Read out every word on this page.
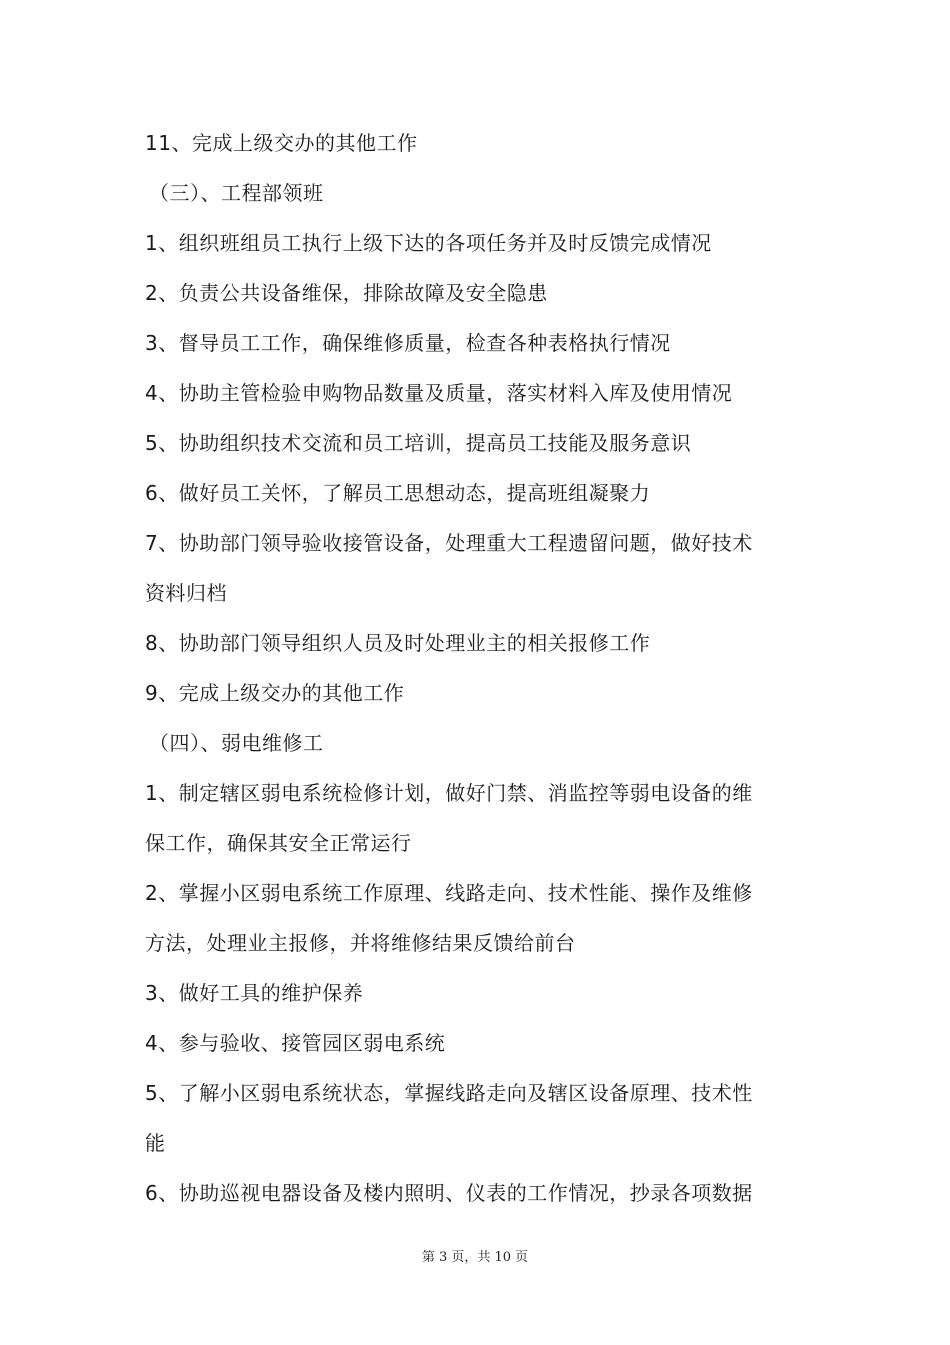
11、完成上级交办的其他工作
（三）、工程部领班
1、组织班组员工执行上级下达的各项任务并及时反馈完成情况
2、负责公共设备维保，排除故障及安全隐患
3、督导员工工作，确保维修质量，检查各种表格执行情况
4、协助主管检验申购物品数量及质量，落实材料入库及使用情况
5、协助组织技术交流和员工培训，提高员工技能及服务意识
6、做好员工关怀，了解员工思想动态，提高班组凝聚力
7、协助部门领导验收接管设备，处理重大工程遗留问题，做好技术
资料归档
8、协助部门领导组织人员及时处理业主的相关报修工作
9、完成上级交办的其他工作
（四）、弱电维修工
1、制定辖区弱电系统检修计划，做好门禁、消监控等弱电设备的维
保工作，确保其安全正常运行
2、掌握小区弱电系统工作原理、线路走向、技术性能、操作及维修
方法，处理业主报修，并将维修结果反馈给前台
3、做好工具的维护保养
4、参与验收、接管园区弱电系统
5、了解小区弱电系统状态，掌握线路走向及辖区设备原理、技术性
能
6、协助巡视电器设备及楼内照明、仪表的工作情况，抄录各项数据
第 3 页，共 10 页
